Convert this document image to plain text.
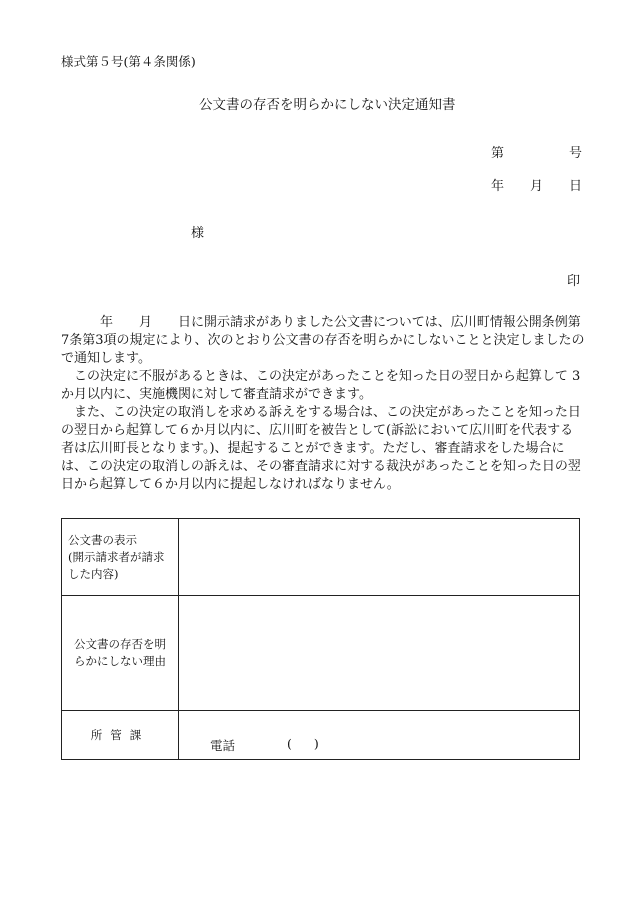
様式第５号(第４条関係)
公文書の存否を明らかにしない決定通知書
第	号
年 月 日
様
印

年 月 日に開示請求がありました公文書については、広川町情報公開条例第7条第3項の規定により、次のとおり公文書の存否を明らかにしないことと決定しましたので通知します。

この決定に不服があるときは、この決定があったことを知った日の翌日から起算して 3か月以内に、実施機関に対して審査請求ができます。

また、この決定の取消しを求める訴えをする場合は、この決定があったことを知った日の翌日から起算して６か月以内に、広川町を被告として(訴訟において広川町を代表する者は広川町長となります。)、提起することができます。ただし、審査請求をした場合には、この決定の取消しの訴えは、その審査請求に対する裁決があったことを知った日の翌日から起算して６か月以内に提起しなければなりません。

公文書の表示
(開示請求者が請求
した内容)	

公文書の存否を明
らかにしない理由	

所管課	電話 ( )
